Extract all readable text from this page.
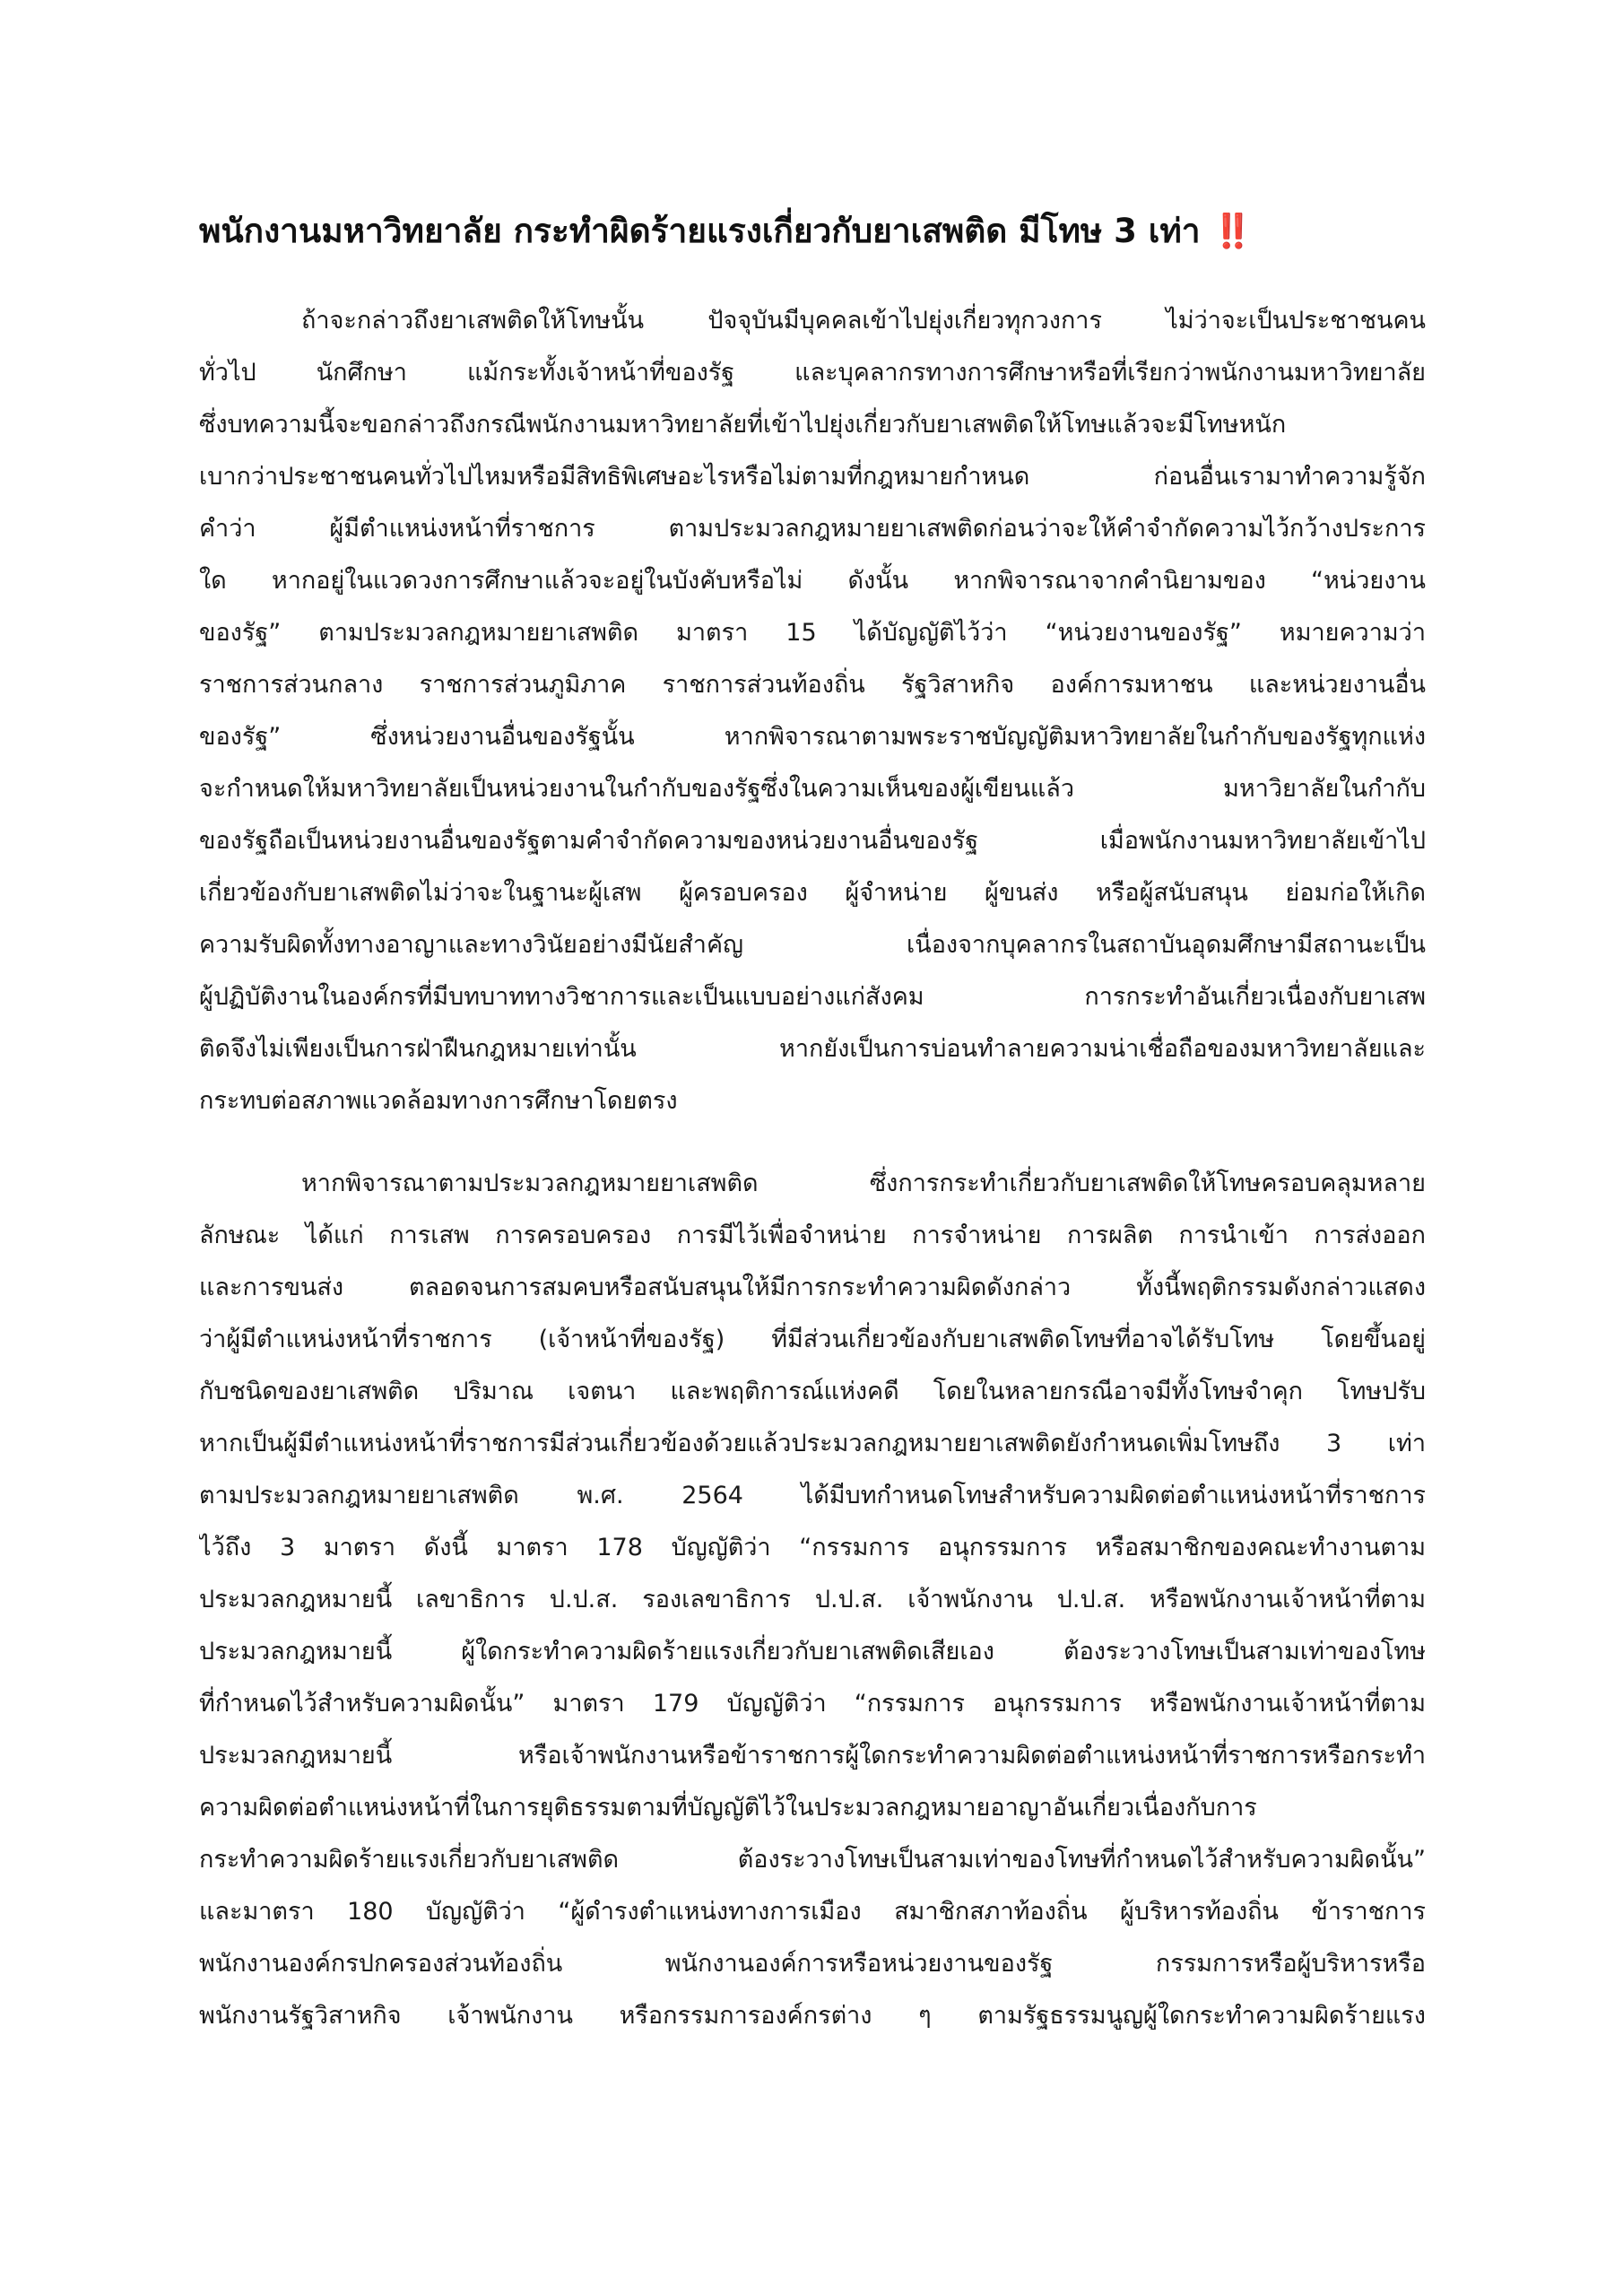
พนักงานมหาวิทยาลัย กระทำผิดร้ายแรงเกี่ยวกับยาเสพติด มีโทษ 3 เท่า ‼️
ถ้าจะกล่าวถึงยาเสพติดให้โทษนั้น ปัจจุบันมีบุคคลเข้าไปยุ่งเกี่ยวทุกวงการ ไม่ว่าจะเป็นประชาชนคน
ทั่วไป นักศึกษา แม้กระทั้งเจ้าหน้าที่ของรัฐ และบุคลากรทางการศึกษาหรือที่เรียกว่าพนักงานมหาวิทยาลัย
ซึ่งบทความนี้จะขอกล่าวถึงกรณีพนักงานมหาวิทยาลัยที่เข้าไปยุ่งเกี่ยวกับยาเสพติดให้โทษแล้วจะมีโทษหนัก
เบากว่าประชาชนคนทั่วไปไหมหรือมีสิทธิพิเศษอะไรหรือไม่ตามที่กฎหมายกำหนด ก่อนอื่นเรามาทำความรู้จัก
คำว่า ผู้มีตำแหน่งหน้าที่ราชการ ตามประมวลกฎหมายยาเสพติดก่อนว่าจะให้คำจำกัดความไว้กว้างประการ
ใด หากอยู่ในแวดวงการศึกษาแล้วจะอยู่ในบังคับหรือไม่ ดังนั้น หากพิจารณาจากคำนิยามของ “หน่วยงาน
ของรัฐ” ตามประมวลกฎหมายยาเสพติด มาตรา 15 ได้บัญญัติไว้ว่า “หน่วยงานของรัฐ” หมายความว่า
ราชการส่วนกลาง ราชการส่วนภูมิภาค ราชการส่วนท้องถิ่น รัฐวิสาหกิจ องค์การมหาชน และหน่วยงานอื่น
ของรัฐ” ซึ่งหน่วยงานอื่นของรัฐนั้น หากพิจารณาตามพระราชบัญญัติมหาวิทยาลัยในกำกับของรัฐทุกแห่ง
จะกำหนดให้มหาวิทยาลัยเป็นหน่วยงานในกำกับของรัฐซึ่งในความเห็นของผู้เขียนแล้ว มหาวิยาลัยในกำกับ
ของรัฐถือเป็นหน่วยงานอื่นของรัฐตามคำจำกัดความของหน่วยงานอื่นของรัฐ เมื่อพนักงานมหาวิทยาลัยเข้าไป
เกี่ยวข้องกับยาเสพติดไม่ว่าจะในฐานะผู้เสพ ผู้ครอบครอง ผู้จำหน่าย ผู้ขนส่ง หรือผู้สนับสนุน ย่อมก่อให้เกิด
ความรับผิดทั้งทางอาญาและทางวินัยอย่างมีนัยสำคัญ เนื่องจากบุคลากรในสถาบันอุดมศึกษามีสถานะเป็น
ผู้ปฏิบัติงานในองค์กรที่มีบทบาททางวิชาการและเป็นแบบอย่างแก่สังคม การกระทำอันเกี่ยวเนื่องกับยาเสพ
ติดจึงไม่เพียงเป็นการฝ่าฝืนกฎหมายเท่านั้น หากยังเป็นการบ่อนทำลายความน่าเชื่อถือของมหาวิทยาลัยและ
กระทบต่อสภาพแวดล้อมทางการศึกษาโดยตรง
หากพิจารณาตามประมวลกฎหมายยาเสพติด ซึ่งการกระทำเกี่ยวกับยาเสพติดให้โทษครอบคลุมหลาย
ลักษณะ ได้แก่ การเสพ การครอบครอง การมีไว้เพื่อจำหน่าย การจำหน่าย การผลิต การนำเข้า การส่งออก
และการขนส่ง ตลอดจนการสมคบหรือสนับสนุนให้มีการกระทำความผิดดังกล่าว ทั้งนี้พฤติกรรมดังกล่าวแสดง
ว่าผู้มีตำแหน่งหน้าที่ราชการ (เจ้าหน้าที่ของรัฐ) ที่มีส่วนเกี่ยวข้องกับยาเสพติดโทษที่อาจได้รับโทษ โดยขึ้นอยู่
กับชนิดของยาเสพติด ปริมาณ เจตนา และพฤติการณ์แห่งคดี โดยในหลายกรณีอาจมีทั้งโทษจำคุก โทษปรับ
หากเป็นผู้มีตำแหน่งหน้าที่ราชการมีส่วนเกี่ยวข้องด้วยแล้วประมวลกฎหมายยาเสพติดยังกำหนดเพิ่มโทษถึง 3 เท่า
ตามประมวลกฎหมายยาเสพติด พ.ศ. 2564 ได้มีบทกำหนดโทษสำหรับความผิดต่อตำแหน่งหน้าที่ราชการ
ไว้ถึง 3 มาตรา ดังนี้ มาตรา 178 บัญญัติว่า “กรรมการ อนุกรรมการ หรือสมาชิกของคณะทำงานตาม
ประมวลกฎหมายนี้ เลขาธิการ ป.ป.ส. รองเลขาธิการ ป.ป.ส. เจ้าพนักงาน ป.ป.ส. หรือพนักงานเจ้าหน้าที่ตาม
ประมวลกฎหมายนี้ ผู้ใดกระทำความผิดร้ายแรงเกี่ยวกับยาเสพติดเสียเอง ต้องระวางโทษเป็นสามเท่าของโทษ
ที่กำหนดไว้สำหรับความผิดนั้น” มาตรา 179 บัญญัติว่า “กรรมการ อนุกรรมการ หรือพนักงานเจ้าหน้าที่ตาม
ประมวลกฎหมายนี้ หรือเจ้าพนักงานหรือข้าราชการผู้ใดกระทำความผิดต่อตำแหน่งหน้าที่ราชการหรือกระทำ
ความผิดต่อตำแหน่งหน้าที่ในการยุติธรรมตามที่บัญญัติไว้ในประมวลกฎหมายอาญาอันเกี่ยวเนื่องกับการ
กระทำความผิดร้ายแรงเกี่ยวกับยาเสพติด ต้องระวางโทษเป็นสามเท่าของโทษที่กำหนดไว้สำหรับความผิดนั้น”
และมาตรา 180 บัญญัติว่า “ผู้ดำรงตำแหน่งทางการเมือง สมาชิกสภาท้องถิ่น ผู้บริหารท้องถิ่น ข้าราชการ
พนักงานองค์กรปกครองส่วนท้องถิ่น พนักงานองค์การหรือหน่วยงานของรัฐ กรรมการหรือผู้บริหารหรือ
พนักงานรัฐวิสาหกิจ เจ้าพนักงาน หรือกรรมการองค์กรต่าง ๆ ตามรัฐธรรมนูญผู้ใดกระทำความผิดร้ายแรง
